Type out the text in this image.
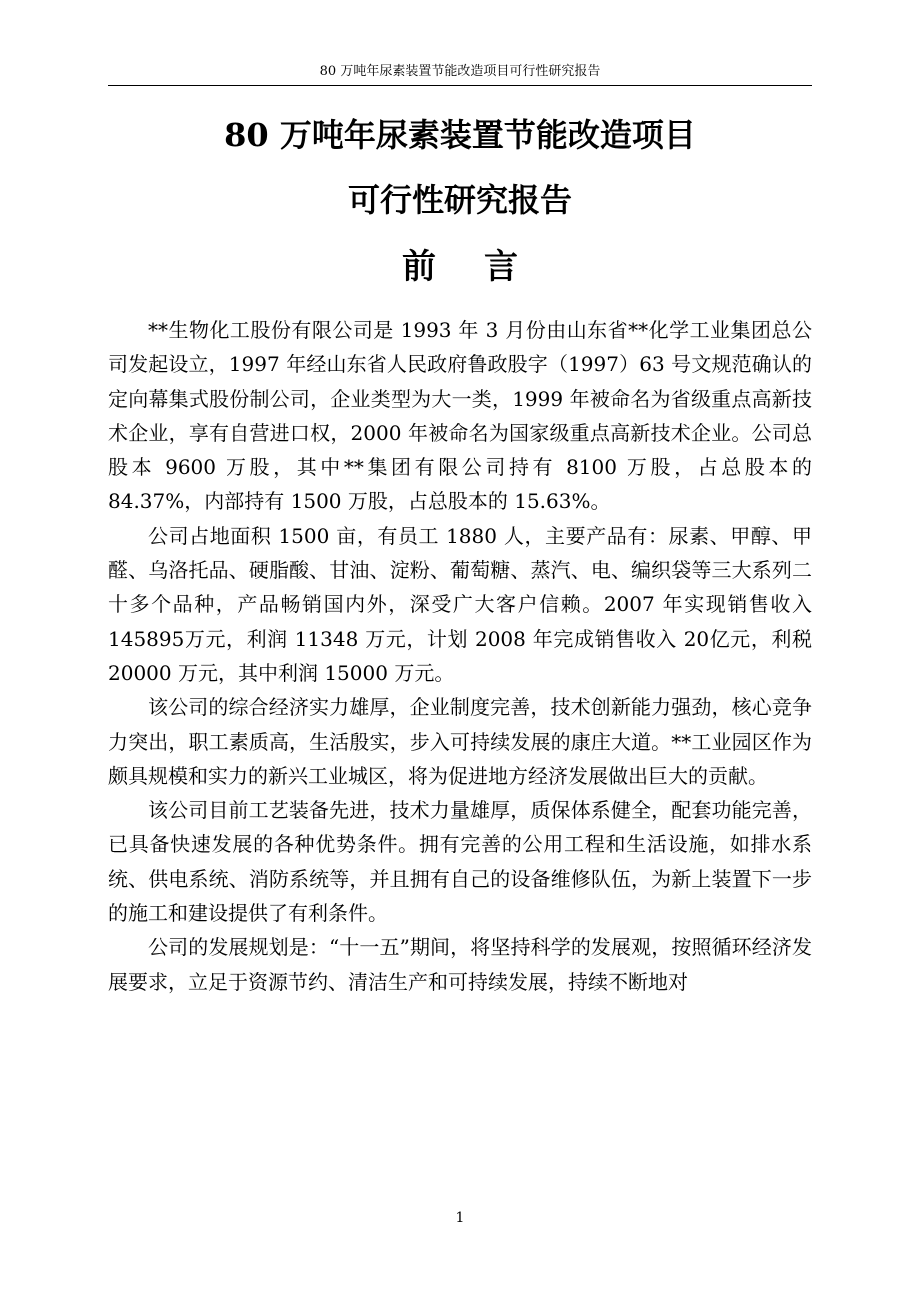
80 万吨年尿素装置节能改造项目可行性研究报告
80 万吨年尿素装置节能改造项目
可行性研究报告
前言

**生物化工股份有限公司是 1993 年 3 月份由山东省**化学工业集团总公司发起设立，1997 年经山东省人民政府鲁政股字（1997）63 号文规范确认的定向幕集式股份制公司，企业类型为大一类，1999 年被命名为省级重点高新技术企业，享有自营进口权，2000 年被命名为国家级重点高新技术企业。公司总股本 9600 万股，其中**集团有限公司持有 8100 万股，占总股本的 84.37%，内部持有 1500 万股，占总股本的 15.63%。

公司占地面积 1500 亩，有员工 1880 人，主要产品有：尿素、甲醇、甲醛、乌洛托品、硬脂酸、甘油、淀粉、葡萄糖、蒸汽、电、编织袋等三大系列二十多个品种，产品畅销国内外，深受广大客户信赖。2007 年实现销售收入 145895万元，利润 11348 万元，计划 2008 年完成销售收入 20亿元，利税 20000 万元，其中利润 15000 万元。

该公司的综合经济实力雄厚，企业制度完善，技术创新能力强劲，核心竞争力突出，职工素质高，生活殷实，步入可持续发展的康庄大道。**工业园区作为颇具规模和实力的新兴工业城区，将为促进地方经济发展做出巨大的贡献。

该公司目前工艺装备先进，技术力量雄厚，质保体系健全，配套功能完善，已具备快速发展的各种优势条件。拥有完善的公用工程和生活设施，如排水系统、供电系统、消防系统等，并且拥有自己的设备维修队伍，为新上装置下一步的施工和建设提供了有利条件。

公司的发展规划是：“十一五”期间，将坚持科学的发展观，按照循环经济发展要求，立足于资源节约、清洁生产和可持续发展，持续不断地对

1
